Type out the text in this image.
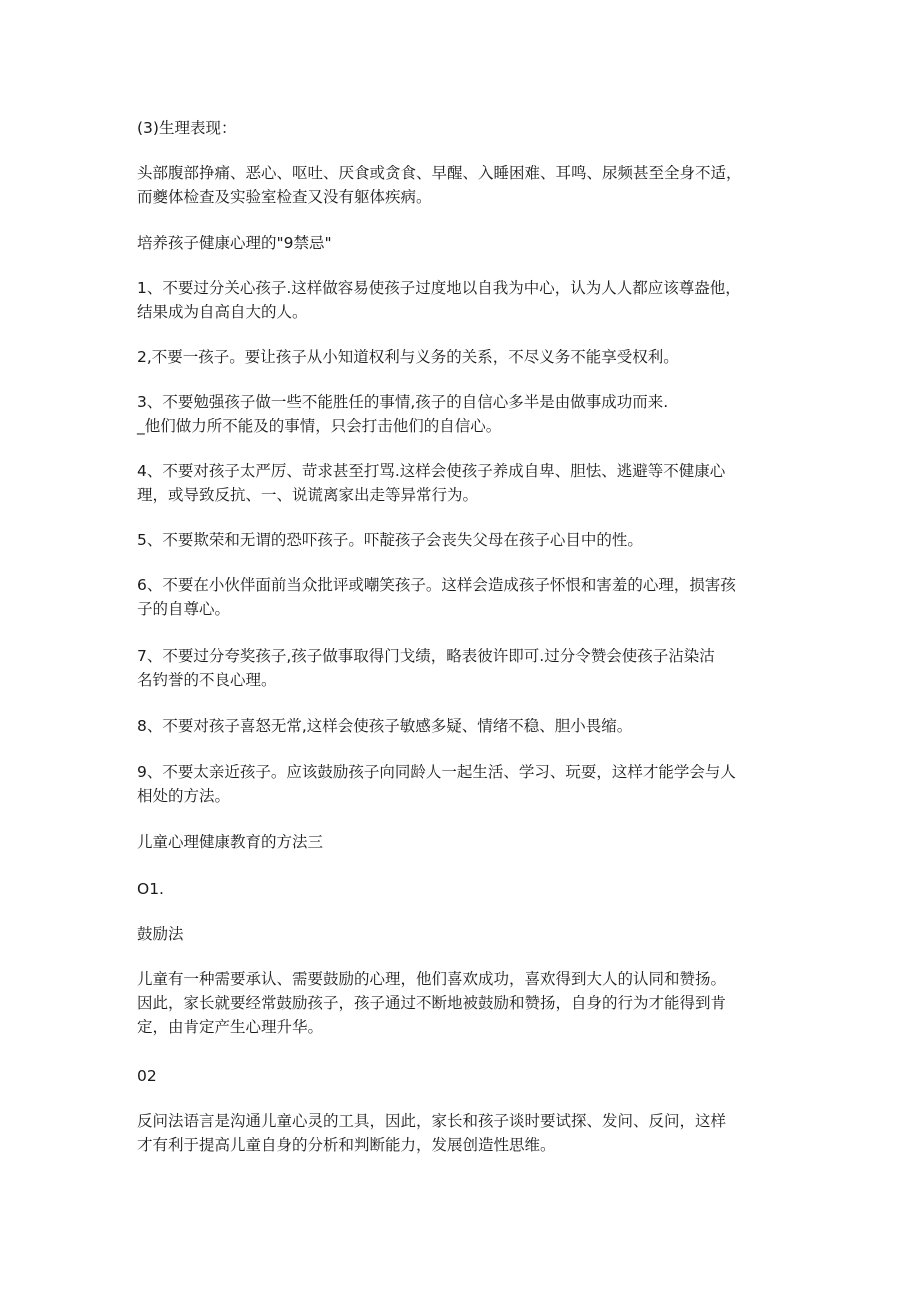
(3)生理表现：

头部腹部挣痛、恶心、呕吐、厌食或贪食、早醒、入睡困难、耳鸣、尿频甚至全身不适，
而夔体检查及实验室检查又没有躯体疾病。

培养孩子健康心理的"9禁忌"

1、不要过分关心孩子.这样做容易使孩子过度地以自我为中心，认为人人都应该尊盎他，
结果成为自高自大的人。

2,不要一孩子。要让孩子从小知道权利与义务的关系，不尽义务不能享受权利。

3、不要勉强孩子做一些不能胜任的事情,孩子的自信心多半是由做事成功而来.
_他们做力所不能及的事情，只会打击他们的自信心。

4、不要对孩子太严厉、苛求甚至打骂.这样会使孩子养成自卑、胆怯、逃避等不健康心
理，或导致反抗、一、说谎离家出走等异常行为。

5、不要欺荣和无谓的恐吓孩子。吓靛孩子会丧失父母在孩子心目中的性。

6、不要在小伙伴面前当众批评或嘲笑孩子。这样会造成孩子怀恨和害羞的心理，损害孩
子的自尊心。

7、不要过分夸奖孩子,孩子做事取得门戈绩，略表彼许即可.过分令赞会使孩子沾染沽
名钓誉的不良心理。

8、不要对孩子喜怒无常,这样会使孩子敏感多疑、情绪不稳、胆小畏缩。

9、不要太亲近孩子。应该鼓励孩子向同龄人一起生活、学习、玩耍，这样才能学会与人
相处的方法。

儿童心理健康教育的方法三

O1.

鼓励法

儿童有一种需要承认、需要鼓励的心理，他们喜欢成功，喜欢得到大人的认同和赞扬。
因此，家长就要经常鼓励孩子，孩子通过不断地被鼓励和赞扬，自身的行为才能得到肯
定，由肯定产生心理升华。

02

反问法语言是沟通儿童心灵的工具，因此，家长和孩子谈时要试探、发问、反问，这样
才有利于提高儿童自身的分析和判断能力，发展创造性思维。
